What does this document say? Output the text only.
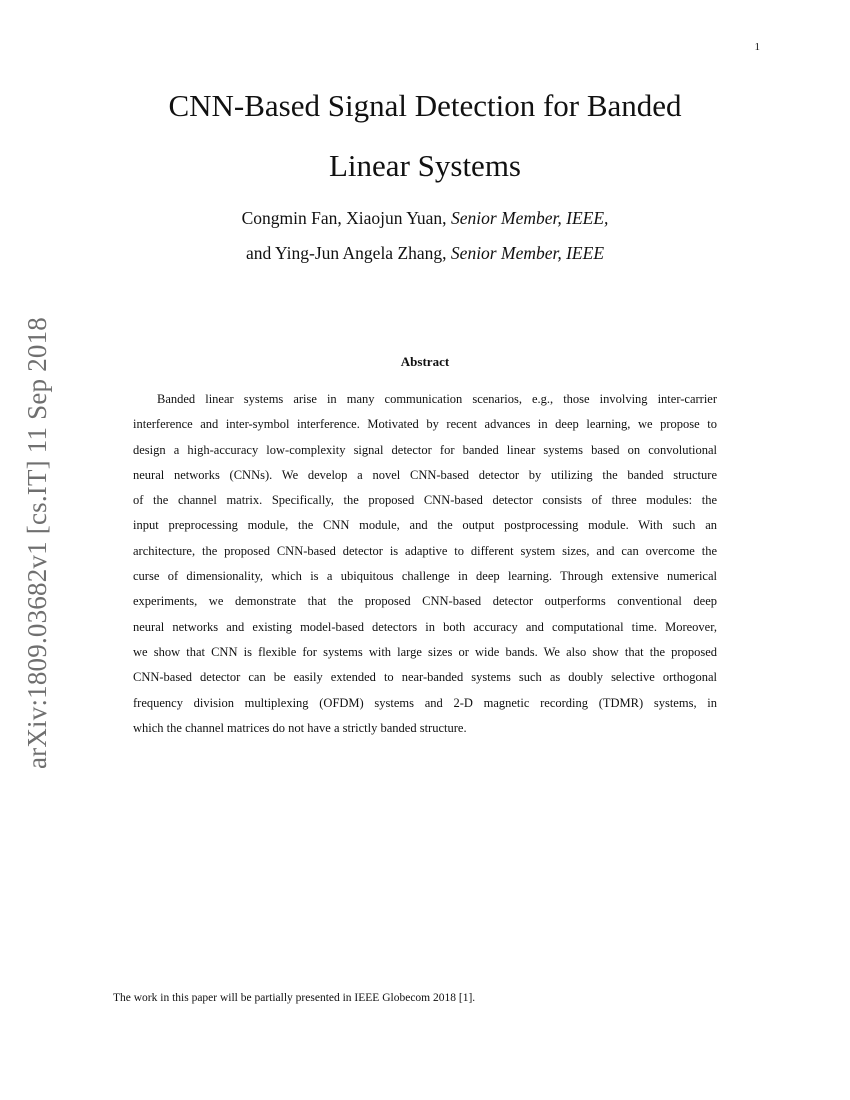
1
arXiv:1809.03682v1 [cs.IT] 11 Sep 2018
CNN-Based Signal Detection for Banded
Linear Systems
Congmin Fan, Xiaojun Yuan, Senior Member, IEEE,
and Ying-Jun Angela Zhang, Senior Member, IEEE
Abstract
Banded linear systems arise in many communication scenarios, e.g., those involving inter-carrier
interference and inter-symbol interference. Motivated by recent advances in deep learning, we propose to
design a high-accuracy low-complexity signal detector for banded linear systems based on convolutional
neural networks (CNNs). We develop a novel CNN-based detector by utilizing the banded structure
of the channel matrix. Specifically, the proposed CNN-based detector consists of three modules: the
input preprocessing module, the CNN module, and the output postprocessing module. With such an
architecture, the proposed CNN-based detector is adaptive to different system sizes, and can overcome the
curse of dimensionality, which is a ubiquitous challenge in deep learning. Through extensive numerical
experiments, we demonstrate that the proposed CNN-based detector outperforms conventional deep
neural networks and existing model-based detectors in both accuracy and computational time. Moreover,
we show that CNN is flexible for systems with large sizes or wide bands. We also show that the proposed
CNN-based detector can be easily extended to near-banded systems such as doubly selective orthogonal
frequency division multiplexing (OFDM) systems and 2-D magnetic recording (TDMR) systems, in
which the channel matrices do not have a strictly banded structure.
The work in this paper will be partially presented in IEEE Globecom 2018 [1].
